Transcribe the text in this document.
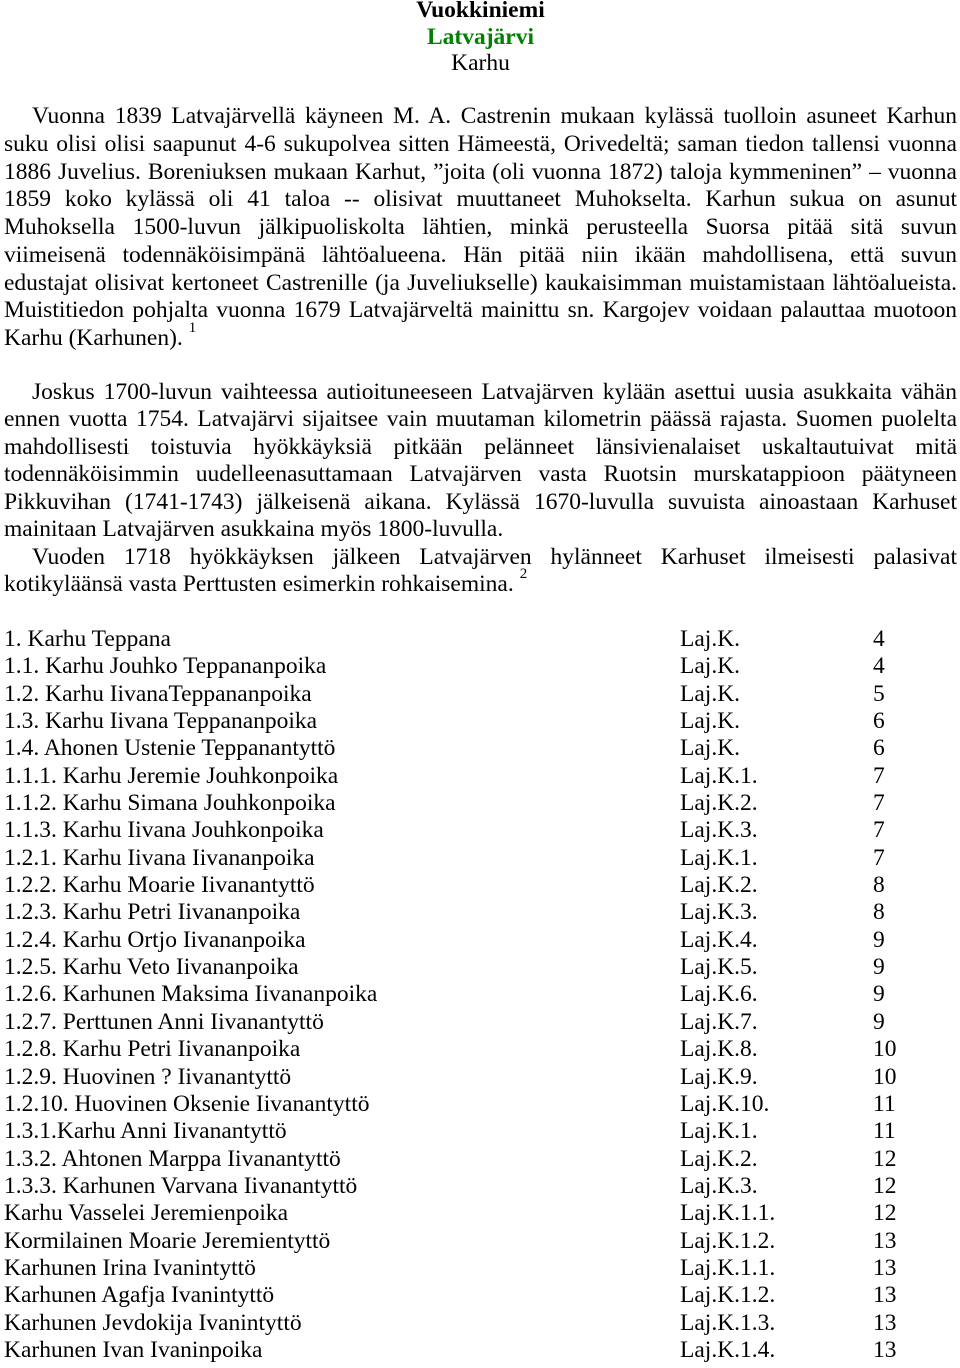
Vuokkiniemi
Latvajärvi
Karhu
Vuonna 1839 Latvajärvellä käyneen M. A. Castrenin mukaan kylässä tuolloin asuneet Karhun
suku olisi olisi saapunut 4-6 sukupolvea sitten Hämeestä, Orivedeltä; saman tiedon tallensi vuonna
1886 Juvelius. Boreniuksen mukaan Karhut, ”joita (oli vuonna 1872) taloja kymmeninen” – vuonna
1859 koko kylässä oli 41 taloa -- olisivat muuttaneet Muhokselta. Karhun sukua on asunut
Muhoksella 1500-luvun jälkipuoliskolta lähtien, minkä perusteella Suorsa pitää sitä suvun
viimeisenä todennäköisimpänä lähtöalueena. Hän pitää niin ikään mahdollisena, että suvun
edustajat olisivat kertoneet Castrenille (ja Juveliukselle) kaukaisimman muistamistaan lähtöalueista.
Muistitiedon pohjalta vuonna 1679 Latvajärveltä mainittu sn. Kargojev voidaan palauttaa muotoon
Karhu (Karhunen). $^1$
Joskus 1700-luvun vaihteessa autioituneeseen Latvajärven kylään asettui uusia asukkaita vähän
ennen vuotta 1754. Latvajärvi sijaitsee vain muutaman kilometrin päässä rajasta. Suomen puolelta
mahdollisesti toistuvia hyökkäyksiä pitkään pelänneet länsivienalaiset uskaltautuivat mitä
todennäköisimmin uudelleenasuttamaan Latvajärven vasta Ruotsin murskatappioon päätyneen
Pikkuvihan (1741-1743) jälkeisenä aikana. Kylässä 1670-luvulla suvuista ainoastaan Karhuset
mainitaan Latvajärven asukkaina myös 1800-luvulla.
Vuoden 1718 hyökkäyksen jälkeen Latvajärven hylänneet Karhuset ilmeisesti palasivat
kotikyläänsä vasta Perttusten esimerkin rohkaisemina. $^2$
1. Karhu Teppana	Laj.K.	4
1.1. Karhu Jouhko Teppananpoika	Laj.K.	4
1.2. Karhu IivanaTeppananpoika	Laj.K.	5
1.3. Karhu Iivana Teppananpoika	Laj.K.	6
1.4. Ahonen Ustenie Teppanantyttö	Laj.K.	6
1.1.1. Karhu Jeremie Jouhkonpoika	Laj.K.1.	7
1.1.2. Karhu Simana Jouhkonpoika	Laj.K.2.	7
1.1.3. Karhu Iivana Jouhkonpoika	Laj.K.3.	7
1.2.1. Karhu Iivana Iivananpoika	Laj.K.1.	7
1.2.2. Karhu Moarie Iivanantyttö	Laj.K.2.	8
1.2.3. Karhu Petri Iivananpoika	Laj.K.3.	8
1.2.4. Karhu Ortjo Iivananpoika	Laj.K.4.	9
1.2.5. Karhu Veto Iivananpoika	Laj.K.5.	9
1.2.6. Karhunen Maksima Iivananpoika	Laj.K.6.	9
1.2.7. Perttunen Anni Iivanantyttö	Laj.K.7.	9
1.2.8. Karhu Petri Iivananpoika	Laj.K.8.	10
1.2.9. Huovinen ? Iivanantyttö	Laj.K.9.	10
1.2.10. Huovinen Oksenie Iivanantyttö	Laj.K.10.	11
1.3.1.Karhu Anni Iivanantyttö	Laj.K.1.	11
1.3.2. Ahtonen Marppa Iivanantyttö	Laj.K.2.	12
1.3.3. Karhunen Varvana Iivanantyttö	Laj.K.3.	12
Karhu Vasselei Jeremienpoika	Laj.K.1.1.	12
Kormilainen Moarie Jeremientyttö	Laj.K.1.2.	13
Karhunen Irina Ivanintyttö	Laj.K.1.1.	13
Karhunen Agafja Ivanintyttö	Laj.K.1.2.	13
Karhunen Jevdokija Ivanintyttö	Laj.K.1.3.	13
Karhunen Ivan Ivaninpoika	Laj.K.1.4.	13
